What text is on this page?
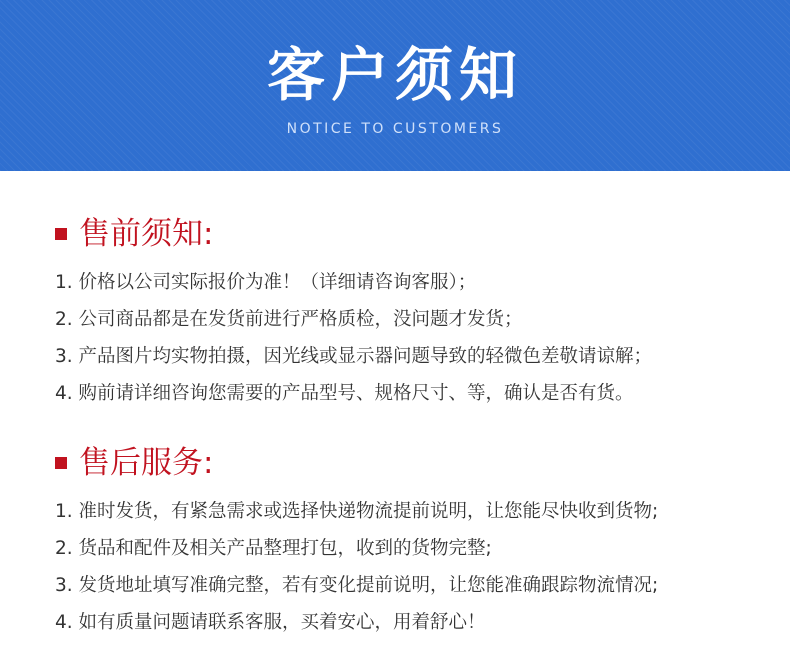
客户须知
NOTICE TO CUSTOMERS
售前须知:
1. 价格以公司实际报价为准！（详细请咨询客服）；
2. 公司商品都是在发货前进行严格质检，没问题才发货；
3. 产品图片均实物拍摄，因光线或显示器问题导致的轻微色差敬请谅解；
4. 购前请详细咨询您需要的产品型号、规格尺寸、等，确认是否有货。
售后服务:
1. 准时发货，有紧急需求或选择快递物流提前说明，让您能尽快收到货物;
2. 货品和配件及相关产品整理打包，收到的货物完整;
3. 发货地址填写准确完整，若有变化提前说明，让您能准确跟踪物流情况;
4. 如有质量问题请联系客服，买着安心，用着舒心！
